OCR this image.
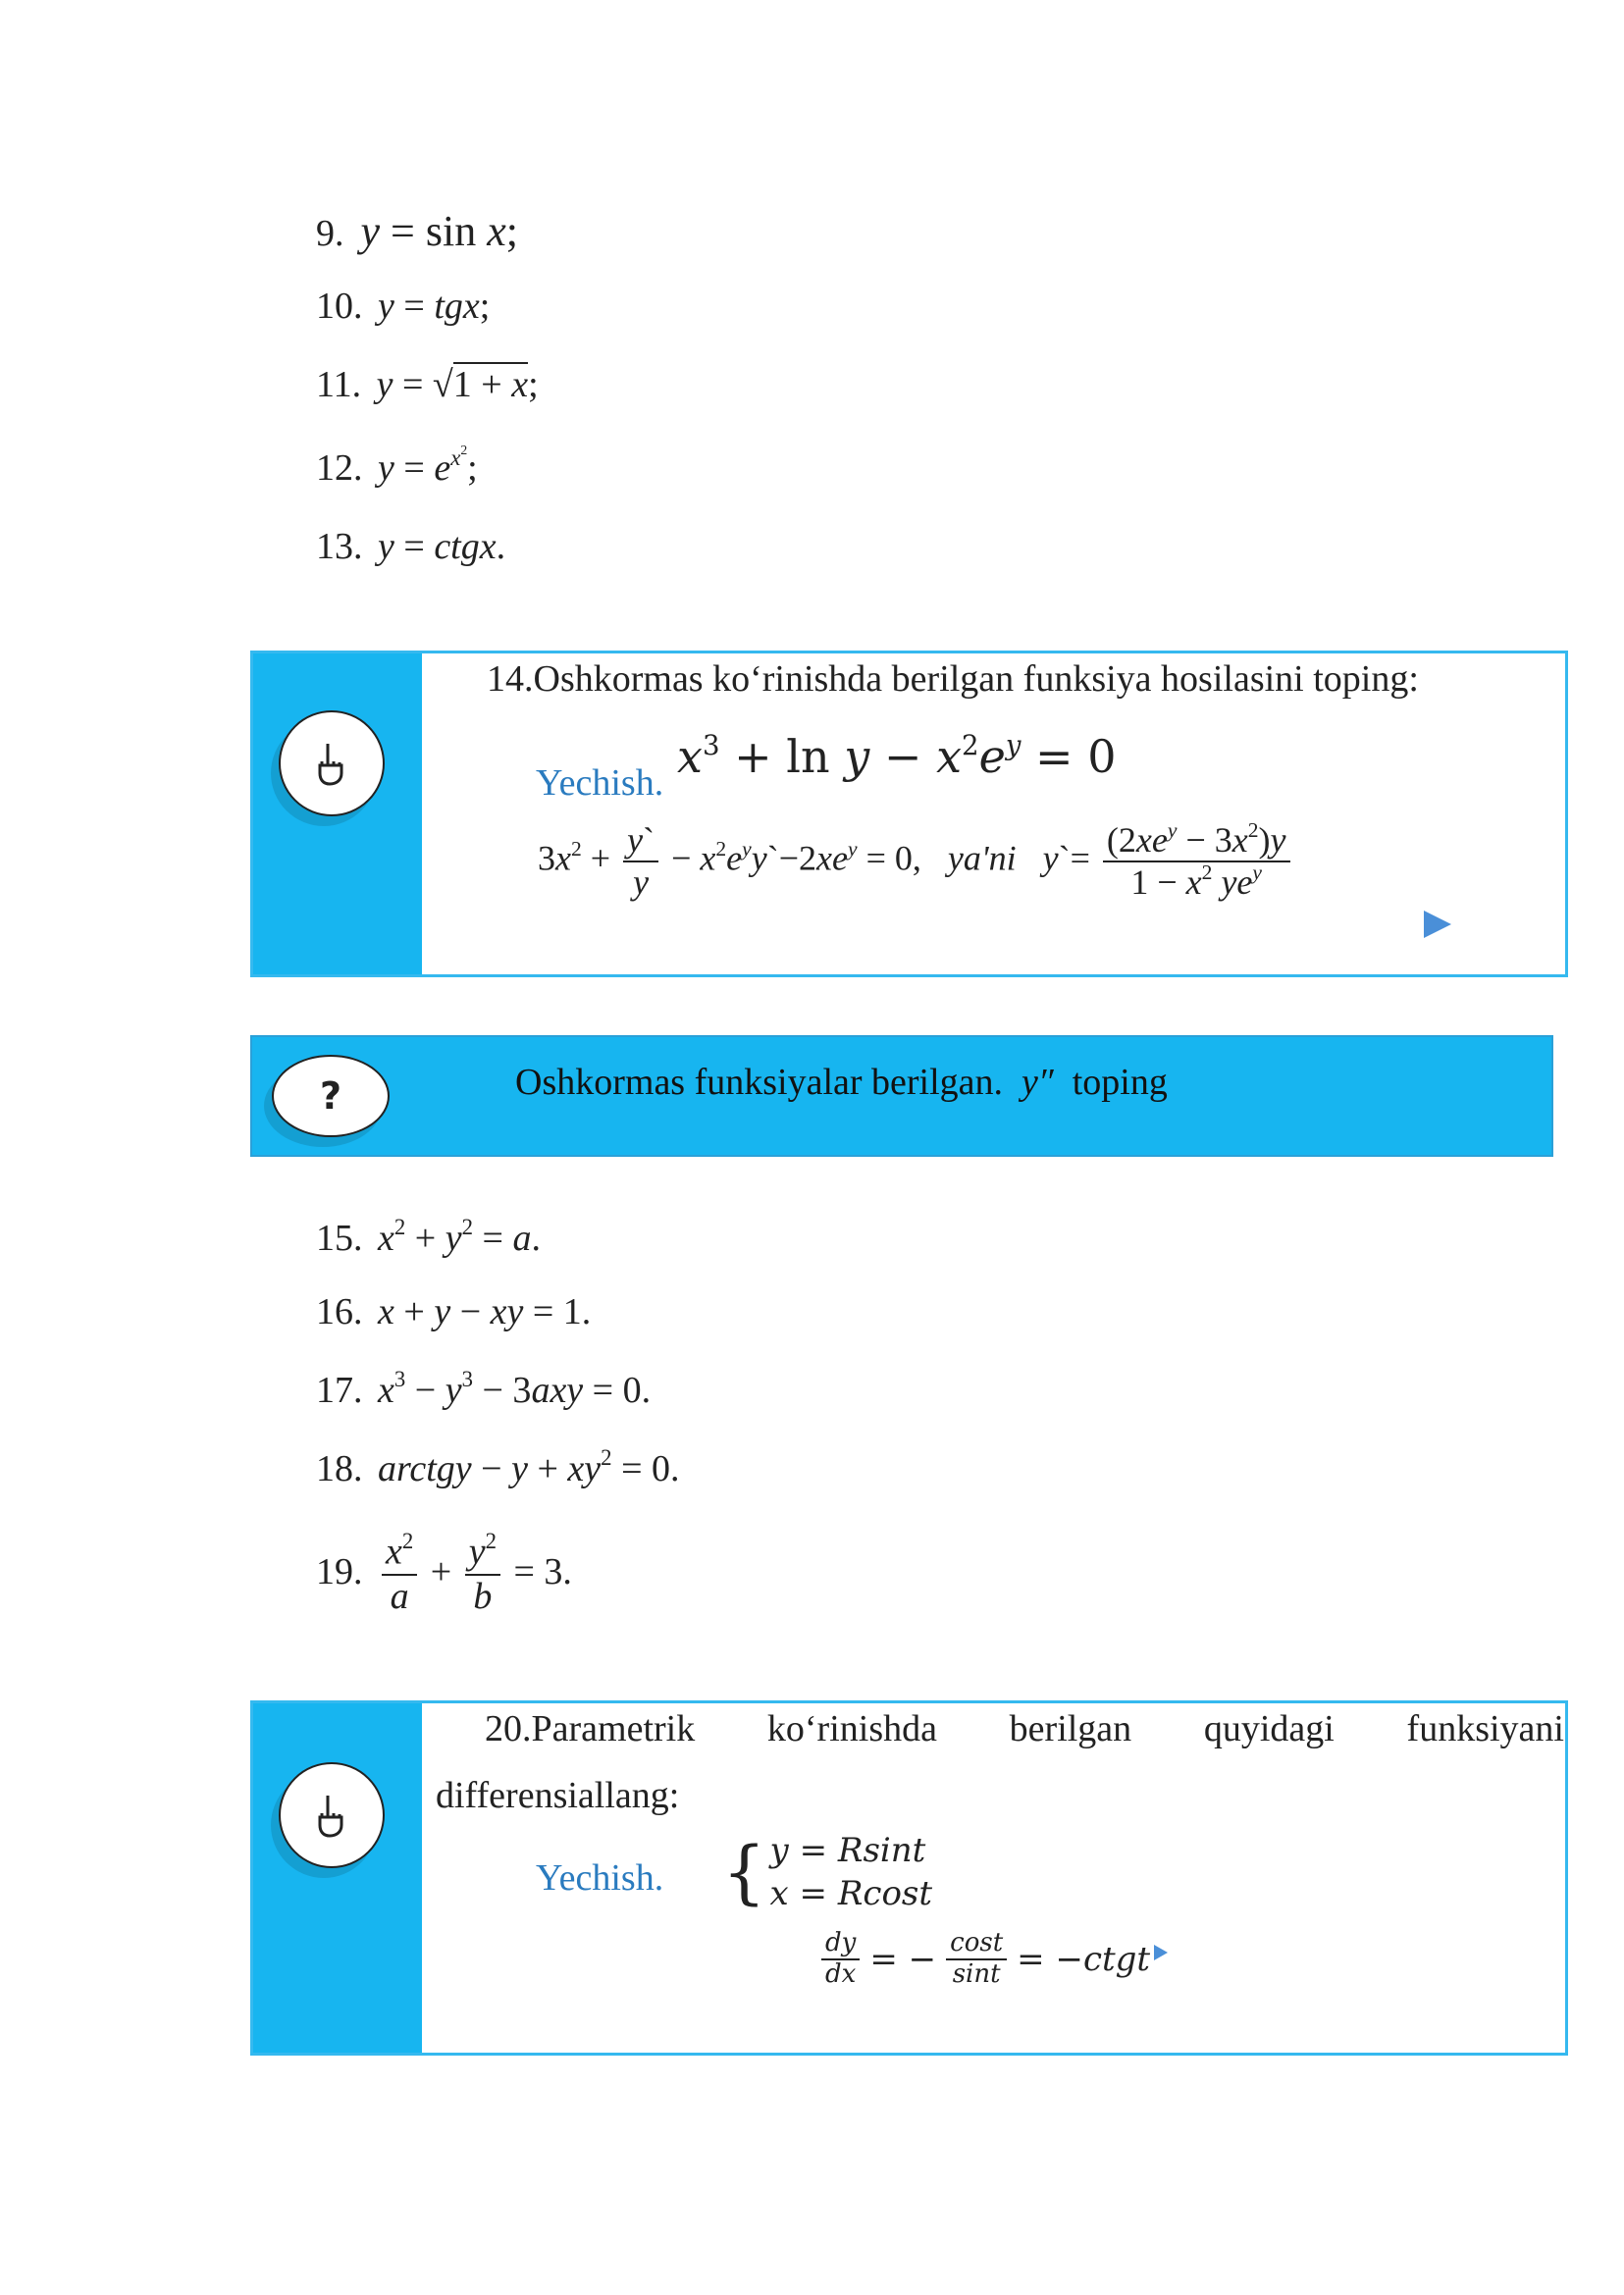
9. y = sin x;
10. y = tgx;
11. y = √1 + x;
12. $y = e^{x^2}$;
13. y = ctgx.
14.Oshkormas ko‘rinishda berilgan funksiya hosilasini toping:
Yechish. $x^3 + \ln y - x^2e^y = 0$
$3x^2 + \frac{y`}{y}$ − $x^2e^yy`-2xe^y = 0$,   ya'ni y`= $\frac{(2xe^y - 3x^2)y}{1 - x^2 ye^y}$
?	Oshkormas funksiyalar berilgan. y″ toping
15. $x^2 + y^2 = a$.
16. x + y − xy = 1.
17. $x^3 - y^3 - 3axy = 0$.
18. arctgy − $y + xy^2 = 0$.
19. $\frac{x^2}{a} + \frac{y^2}{b} = 3$.
20.Parametrik ko‘rinishda berilgan quyidagi funksiyani
differensiallang:
Yechish. { y = Rsint
x = Rcost
$\frac{dy}{dx}$ = − $\frac{\cos t}{\sin t}$ = −ctgt
